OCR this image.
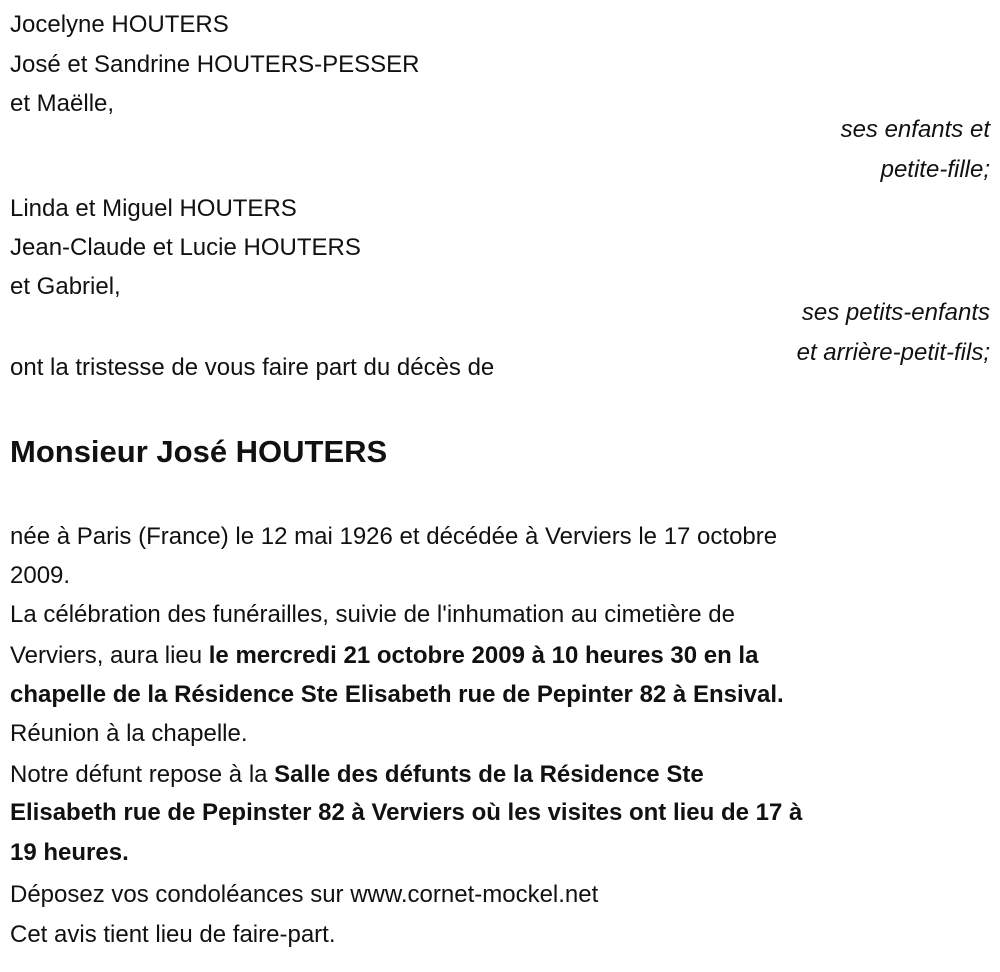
Jocelyne HOUTERS
José et Sandrine HOUTERS-PESSER
et Maëlle,
ses enfants et
petite-fille;
Linda et Miguel HOUTERS
Jean-Claude et Lucie HOUTERS
et Gabriel,
ses petits-enfants
et arrière-petit-fils;
ont la tristesse de vous faire part du décès de
Monsieur José HOUTERS
née à Paris (France) le 12 mai 1926 et décédée à Verviers le 17 octobre
2009.
La célébration des funérailles, suivie de l'inhumation au cimetière de
Verviers, aura lieu le mercredi 21 octobre 2009 à 10 heures 30 en la
chapelle de la Résidence Ste Elisabeth rue de Pepinter 82 à Ensival.
Réunion à la chapelle.
Notre défunt repose à la Salle des défunts de la Résidence Ste
Elisabeth rue de Pepinster 82 à Verviers où les visites ont lieu de 17 à
19 heures.
Déposez vos condoléances sur www.cornet-mockel.net
Cet avis tient lieu de faire-part.
